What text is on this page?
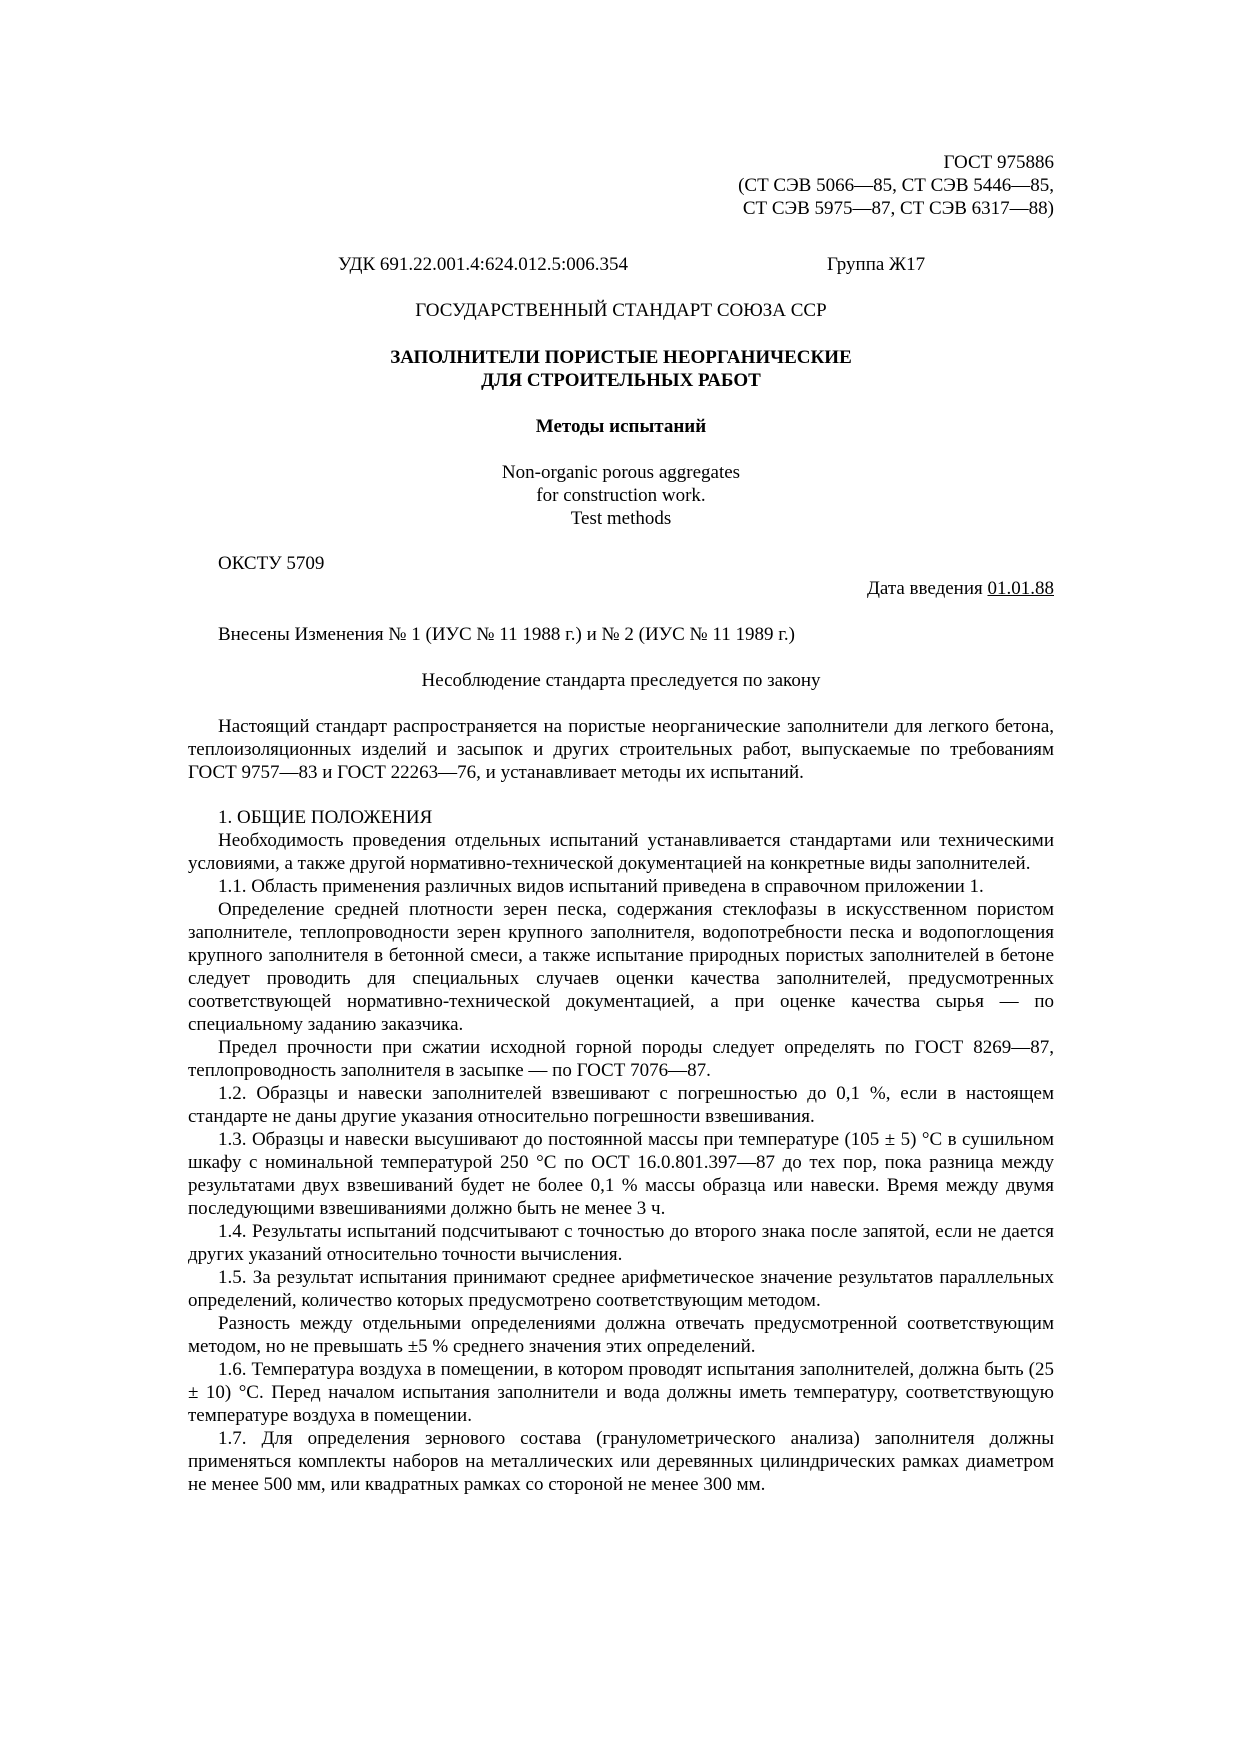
ГОСТ 975886
(СТ СЭВ 5066—85, СТ СЭВ 5446—85,
СТ СЭВ 5975—87, СТ СЭВ 6317—88)
УДК 691.22.001.4:624.012.5:006.354	Группа Ж17
ГОСУДАРСТВЕННЫЙ СТАНДАРТ СОЮЗА ССР
ЗАПОЛНИТЕЛИ ПОРИСТЫЕ НЕОРГАНИЧЕСКИЕ
ДЛЯ СТРОИТЕЛЬНЫХ РАБОТ
Методы испытаний
Non-organic porous aggregates
for construction work.
Test methods
ОКСТУ 5709
Дата введения 01.01.88
Внесены Изменения № 1 (ИУС № 11 1988 г.) и № 2 (ИУС № 11 1989 г.)
Несоблюдение стандарта преследуется по закону

Настоящий стандарт распространяется на пористые неорганические заполнители для легкого бетона, теплоизоляционных изделий и засыпок и других строительных работ, выпускаемые по требованиям ГОСТ 9757—83 и ГОСТ 22263—76, и устанавливает методы их испытаний.

1. ОБЩИЕ ПОЛОЖЕНИЯ

Необходимость проведения отдельных испытаний устанавливается стандартами или техническими условиями, а также другой нормативно-технической документацией на конкретные виды заполнителей.

1.1. Область применения различных видов испытаний приведена в справочном приложении 1.

Определение средней плотности зерен песка, содержания стеклофазы в искусственном пористом заполнителе, теплопроводности зерен крупного заполнителя, водопотребности песка и водопоглощения крупного заполнителя в бетонной смеси, а также испытание природных пористых заполнителей в бетоне следует проводить для специальных случаев оценки качества заполнителей, предусмотренных соответствующей нормативно-технической документацией, а при оценке качества сырья — по специальному заданию заказчика.

Предел прочности при сжатии исходной горной породы следует определять по ГОСТ 8269—87, теплопроводность заполнителя в засыпке — по ГОСТ 7076—87.

1.2. Образцы и навески заполнителей взвешивают с погрешностью до 0,1 %, если в настоящем стандарте не даны другие указания относительно погрешности взвешивания.

1.3. Образцы и навески высушивают до постоянной массы при температуре (105 ± 5) °С в сушильном шкафу с номинальной температурой 250 °С по ОСТ 16.0.801.397—87 до тех пор, пока разница между результатами двух взвешиваний будет не более 0,1 % массы образца или навески. Время между двумя последующими взвешиваниями должно быть не менее 3 ч.

1.4. Результаты испытаний подсчитывают с точностью до второго знака после запятой, если не дается других указаний относительно точности вычисления.

1.5. За результат испытания принимают среднее арифметическое значение результатов параллельных определений, количество которых предусмотрено соответствующим методом.

Разность между отдельными определениями должна отвечать предусмотренной соответствующим методом, но не превышать ±5 % среднего значения этих определений.

1.6. Температура воздуха в помещении, в котором проводят испытания заполнителей, должна быть (25 ± 10) °С. Перед началом испытания заполнители и вода должны иметь температуру, соответствующую температуре воздуха в помещении.

1.7. Для определения зернового состава (гранулометрического анализа) заполнителя должны применяться комплекты наборов на металлических или деревянных цилиндрических рамках диаметром не менее 500 мм, или квадратных рамках со стороной не менее 300 мм.
